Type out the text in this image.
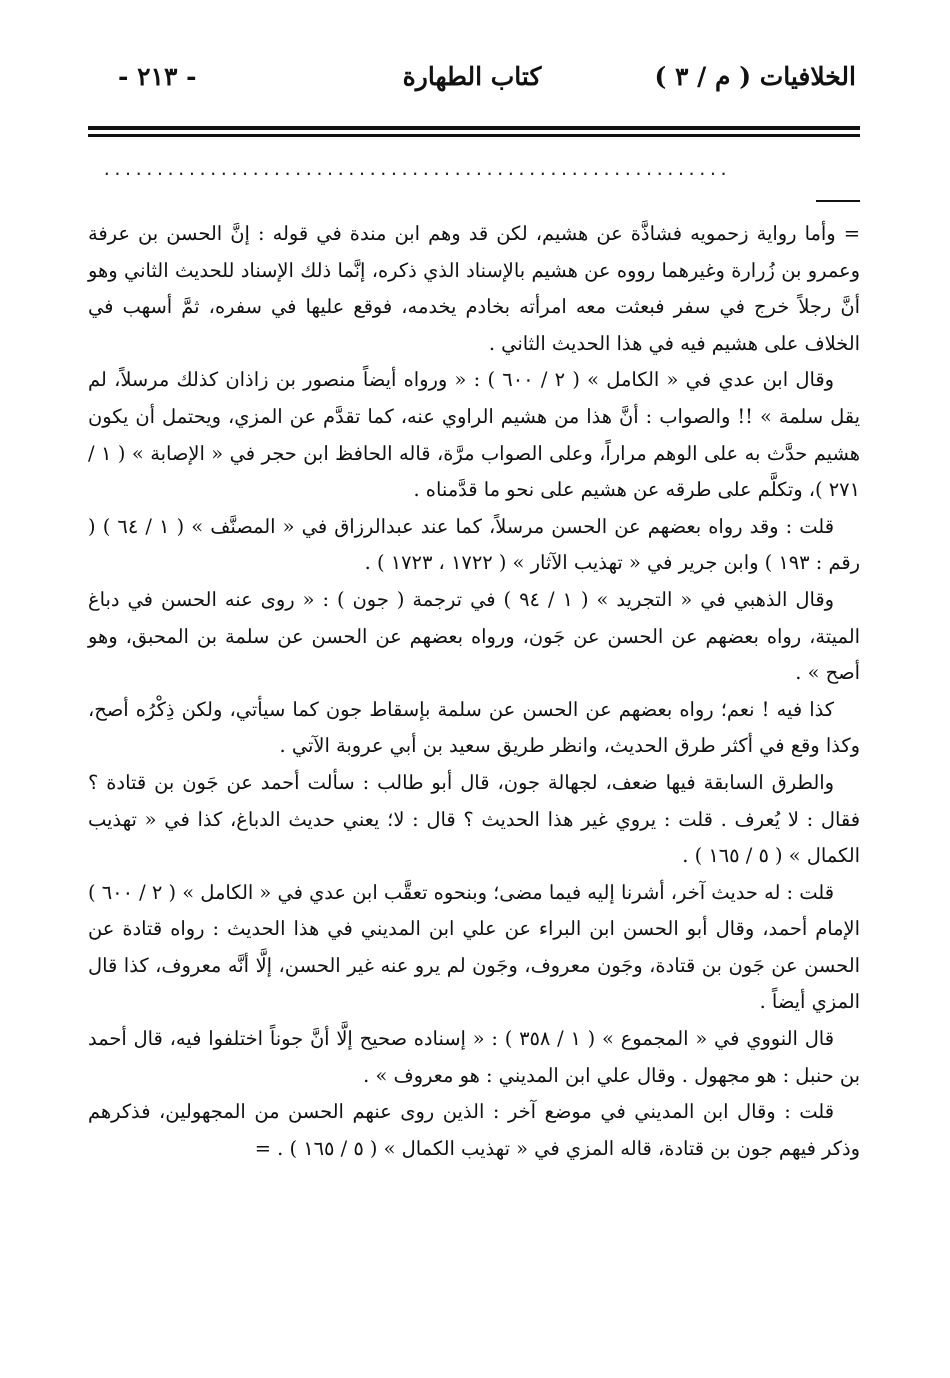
الخلافيات ( م / ٣ )
كتاب الطهارة
- ٢١٣ -
...........................................................

= وأما رواية زحمويه فشاذَّة عن هشيم، لكن قد وهم ابن مندة في قوله : إنَّ الحسن بن عرفة وعمرو بن زُرارة وغيرهما رووه عن هشيم بالإسناد الذي ذكره، إنَّما ذلك الإسناد للحديث الثاني وهو أنَّ رجلاً خرج في سفر فبعثت معه امرأته بخادم يخدمه، فوقع عليها في سفره، ثمَّ أسهب في الخلاف على هشيم فيه في هذا الحديث الثاني .

وقال ابن عدي في « الكامل » ( ٢ / ٦٠٠ ) : « ورواه أيضاً منصور بن زاذان كذلك مرسلاً، لم يقل سلمة » !! والصواب : أنَّ هذا من هشيم الراوي عنه، كما تقدَّم عن المزي، ويحتمل أن يكون هشيم حدَّث به على الوهم مراراً، وعلى الصواب مرَّة، قاله الحافظ ابن حجر في « الإصابة » ( ١ / ٢٧١ )، وتكلَّم على طرقه عن هشيم على نحو ما قدَّمناه .

قلت : وقد رواه بعضهم عن الحسن مرسلاً، كما عند عبدالرزاق في « المصنَّف » ( ١ / ٦٤ ) ( رقم : ١٩٣ ) وابن جرير في « تهذيب الآثار » ( ١٧٢٢ ، ١٧٢٣ ) .

وقال الذهبي في « التجريد » ( ١ / ٩٤ ) في ترجمة ( جون ) : « روى عنه الحسن في دباغ الميتة، رواه بعضهم عن الحسن عن جَون، ورواه بعضهم عن الحسن عن سلمة بن المحبق، وهو أصح » .

كذا فيه ! نعم؛ رواه بعضهم عن الحسن عن سلمة بإسقاط جون كما سيأتي، ولكن ذِكْرُه أصح، وكذا وقع في أكثر طرق الحديث، وانظر طريق سعيد بن أبي عروبة الآتي .

والطرق السابقة فيها ضعف، لجهالة جون، قال أبو طالب : سألت أحمد عن جَون بن قتادة ؟ فقال : لا يُعرف . قلت : يروي غير هذا الحديث ؟ قال : لا؛ يعني حديث الدباغ، كذا في « تهذيب الكمال » ( ٥ / ١٦٥ ) .

قلت : له حديث آخر، أشرنا إليه فيما مضى؛ وبنحوه تعقَّب ابن عدي في « الكامل » ( ٢ / ٦٠٠ ) الإمام أحمد، وقال أبو الحسن ابن البراء عن علي ابن المديني في هذا الحديث : رواه قتادة عن الحسن عن جَون بن قتادة، وجَون معروف، وجَون لم يرو عنه غير الحسن، إلَّا أنَّه معروف، كذا قال المزي أيضاً .

قال النووي في « المجموع » ( ١ / ٣٥٨ ) : « إسناده صحيح إلَّا أنَّ جوناً اختلفوا فيه، قال أحمد بن حنبل : هو مجهول . وقال علي ابن المديني : هو معروف » .

قلت : وقال ابن المديني في موضع آخر : الذين روى عنهم الحسن من المجهولين، فذكرهم وذكر فيهم جون بن قتادة، قاله المزي في « تهذيب الكمال » ( ٥ / ١٦٥ ) . =
